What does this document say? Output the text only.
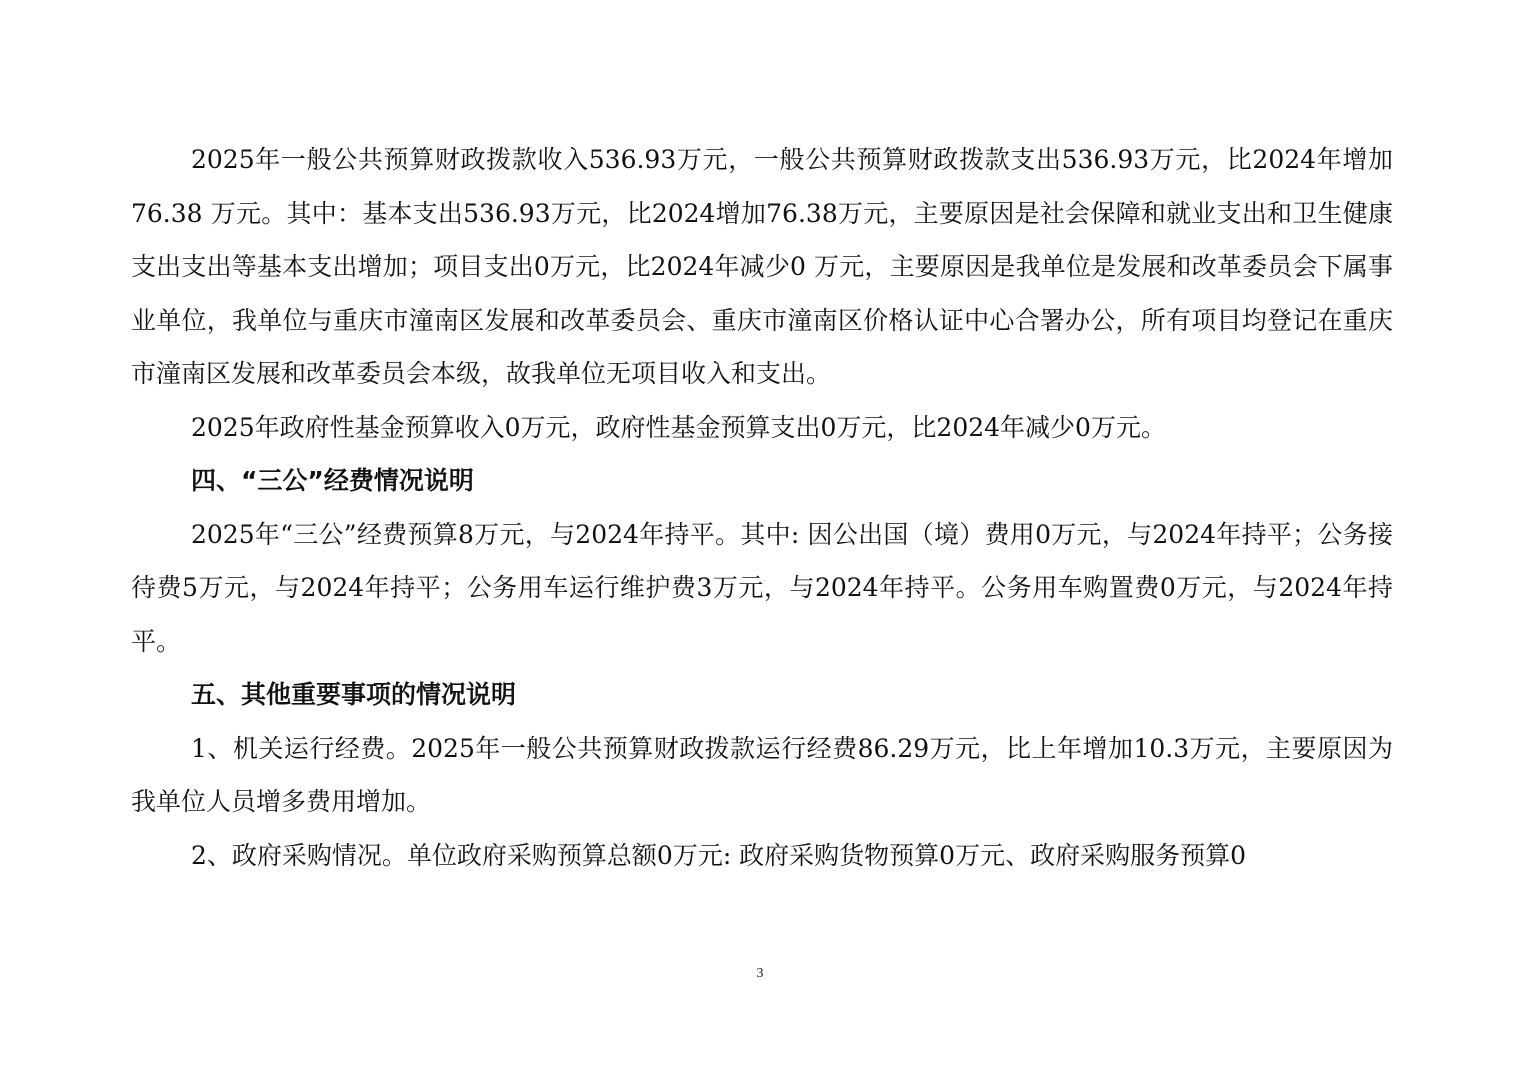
2025年一般公共预算财政拨款收入536.93万元，一般公共预算财政拨款支出536.93万元，比2024年增加76.38 万元。其中：基本支出536.93万元，比2024增加76.38万元，主要原因是社会保障和就业支出和卫生健康支出支出等基本支出增加；项目支出0万元，比2024年减少0 万元，主要原因是我单位是发展和改革委员会下属事业单位，我单位与重庆市潼南区发展和改革委员会、重庆市潼南区价格认证中心合署办公，所有项目均登记在重庆市潼南区发展和改革委员会本级，故我单位无项目收入和支出。

2025年政府性基金预算收入0万元，政府性基金预算支出0万元，比2024年减少0万元。

四、“三公”经费情况说明

2025年“三公”经费预算8万元，与2024年持平。其中: 因公出国（境）费用0万元，与2024年持平；公务接待费5万元，与2024年持平；公务用车运行维护费3万元，与2024年持平。公务用车购置费0万元，与2024年持平。

五、其他重要事项的情况说明

1、机关运行经费。2025年一般公共预算财政拨款运行经费86.29万元，比上年增加10.3万元，主要原因为我单位人员增多费用增加。

2、政府采购情况。单位政府采购预算总额0万元: 政府采购货物预算0万元、政府采购服务预算0

3
